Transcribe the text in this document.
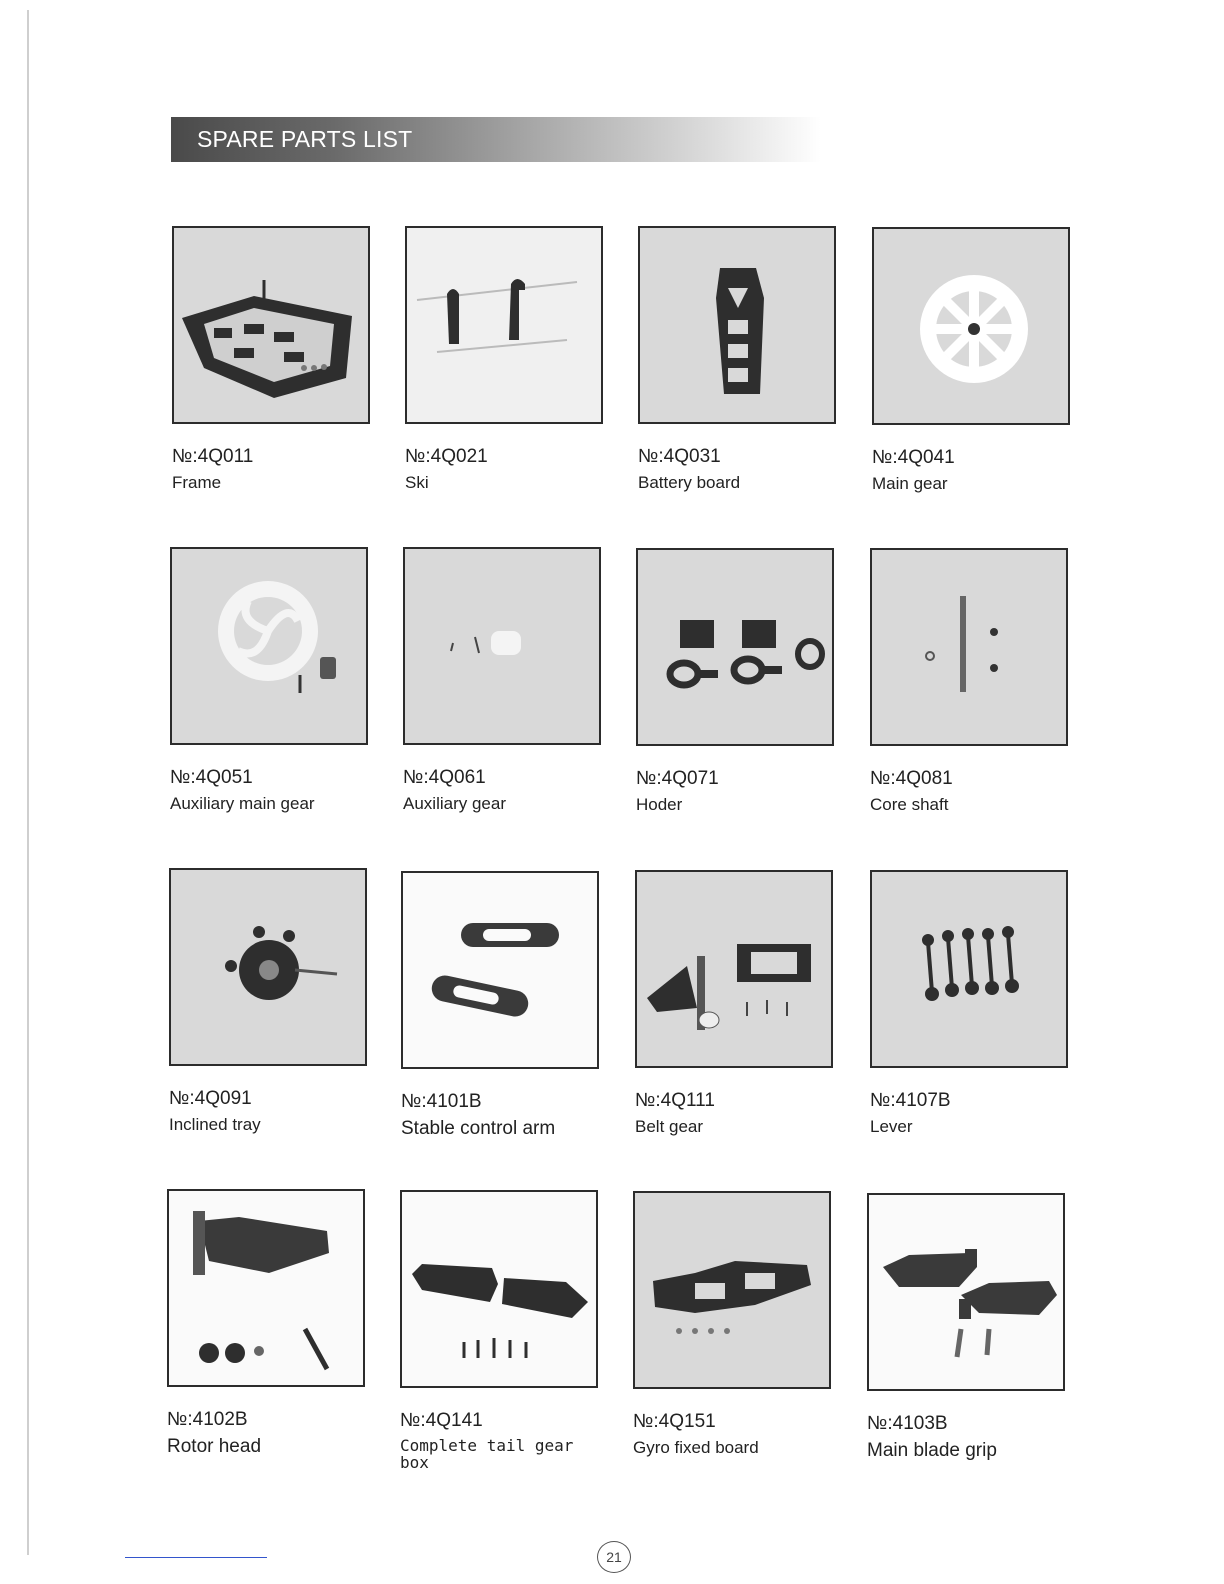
SPARE PARTS LIST
№:4Q011
Frame
№:4Q021
Ski
№:4Q031
Battery board
№:4Q041
Main gear
№:4Q051
Auxiliary main gear
№:4Q061
Auxiliary gear
№:4Q071
Hoder
№:4Q081
Core shaft
№:4Q091
Inclined tray
№:4101B
Stable control arm
№:4Q111
Belt gear
№:4107B
Lever
№:4102B
Rotor head
№:4Q141
Complete tail gear box
№:4Q151
Gyro fixed board
№:4103B
Main blade grip
21
